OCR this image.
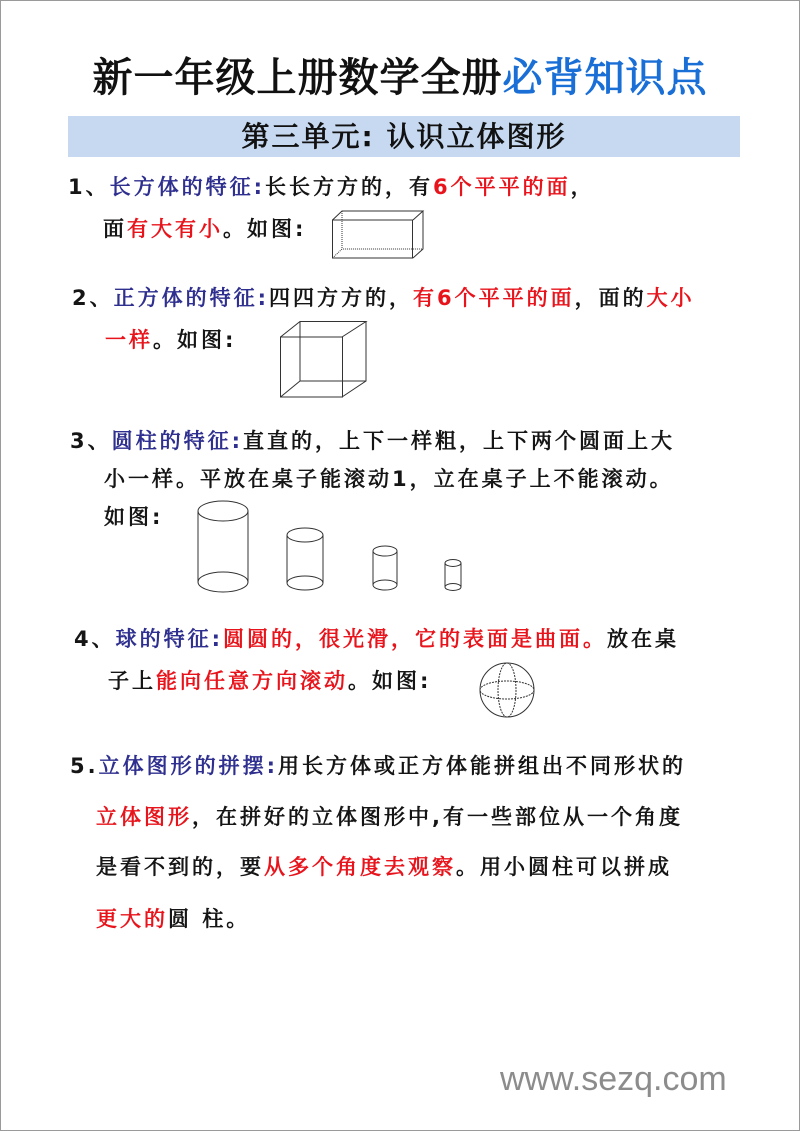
新一年级上册数学全册必背知识点
第三单元: 认识立体图形
1、长方体的特征:长长方方的，有6个平平的面，
面有大有小。如图:
2、正方体的特征:四四方方的，有6个平平的面，面的大小
一样。如图:
3、圆柱的特征:直直的，上下一样粗，上下两个圆面上大
小一样。平放在桌子能滚动1，立在桌子上不能滚动。
如图:
4、球的特征:圆圆的，很光滑，它的表面是曲面。放在桌
子上能向任意方向滚动。如图:
5.立体图形的拼摆:用长方体或正方体能拼组出不同形状的
立体图形，在拼好的立体图形中,有一些部位从一个角度
是看不到的，要从多个角度去观察。用小圆柱可以拼成
更大的圆 柱。
www.sezq.com
